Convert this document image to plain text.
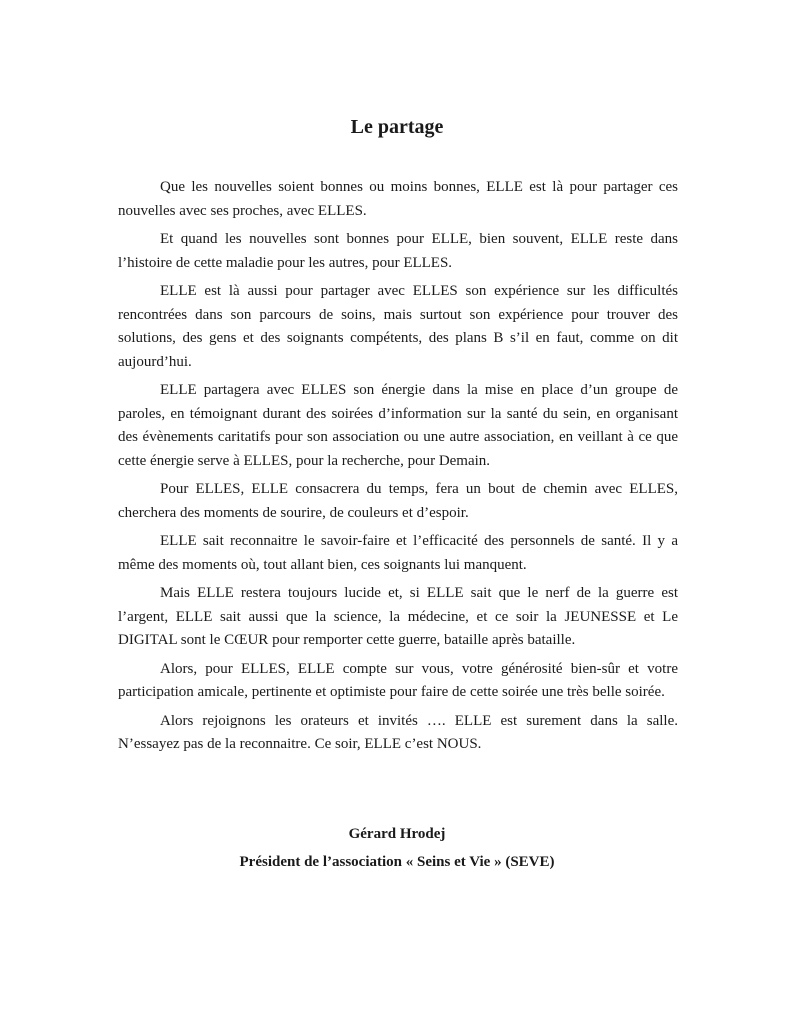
Le partage

Que les nouvelles soient bonnes ou moins bonnes, ELLE est là pour partager ces nouvelles avec ses proches, avec ELLES.

Et quand les nouvelles sont bonnes pour ELLE, bien souvent, ELLE reste dans l’histoire de cette maladie pour les autres, pour ELLES.

ELLE est là aussi pour partager avec ELLES son expérience sur les difficultés rencontrées dans son parcours de soins, mais surtout son expérience pour trouver des solutions, des gens et des soignants compétents, des plans B s’il en faut, comme on dit aujourd’hui.

ELLE partagera avec ELLES son énergie dans la mise en place d’un groupe de paroles, en témoignant durant des soirées d’information sur la santé du sein, en organisant des évènements caritatifs pour son association ou une autre association, en veillant à ce que cette énergie serve à ELLES, pour la recherche, pour Demain.

Pour ELLES, ELLE consacrera du temps, fera un bout de chemin avec ELLES, cherchera des moments de sourire, de couleurs et d’espoir.

ELLE sait reconnaitre le savoir-faire et l’efficacité des personnels de santé. Il y a même des moments où, tout allant bien, ces soignants lui manquent.

Mais ELLE restera toujours lucide et, si ELLE sait que le nerf de la guerre est l’argent, ELLE sait aussi que la science, la médecine, et ce soir la JEUNESSE et Le DIGITAL sont le CŒUR pour remporter cette guerre, bataille après bataille.

Alors, pour ELLES, ELLE compte sur vous, votre générosité bien-sûr et votre participation amicale, pertinente et optimiste pour faire de cette soirée une très belle soirée.

Alors rejoignons les orateurs et invités …. ELLE est surement dans la salle. N’essayez pas de la reconnaitre. Ce soir, ELLE c’est NOUS.

Gérard Hrodej
Président de l’association « Seins et Vie » (SEVE)
